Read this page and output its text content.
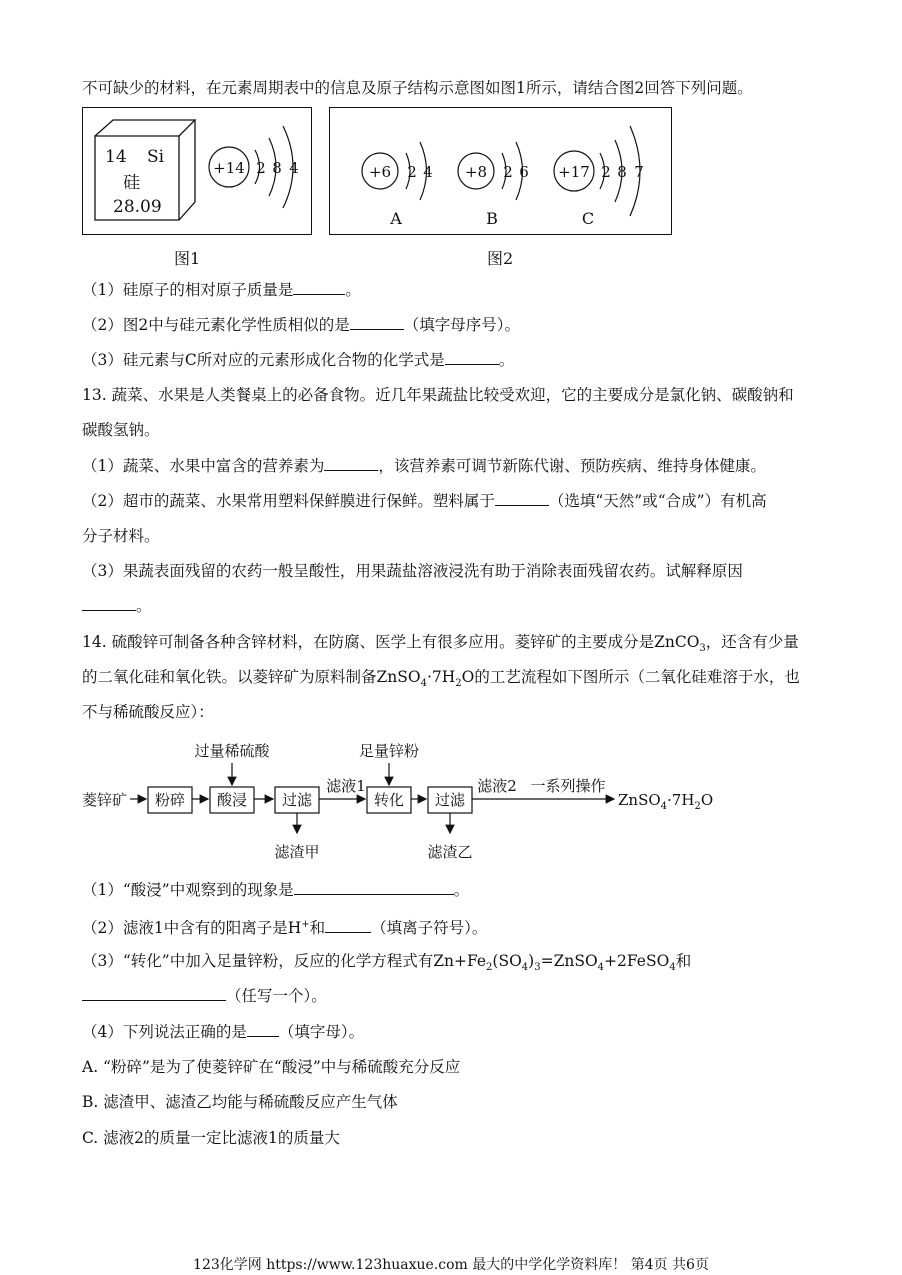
不可缺少的材料，在元素周期表中的信息及原子结构示意图如图1所示，请结合图2回答下列问题。
14 Si
硅
28.09
+14 2 8 4
图1
+6 2 4
A
+8 2 6
B
+17 2 8 7
C
图2
（1）硅原子的相对原子质量是	。
（2）图2中与硅元素化学性质相似的是	（填字母序号）。
（3）硅元素与C所对应的元素形成化合物的化学式是	。
13. 蔬菜、水果是人类餐桌上的必备食物。近几年果蔬盐比较受欢迎，它的主要成分是氯化钠、碳酸钠和
碳酸氢钠。
（1）蔬菜、水果中富含的营养素为	，该营养素可调节新陈代谢、预防疾病、维持身体健康。
（2）超市的蔬菜、水果常用塑料保鲜膜进行保鲜。塑料属于	（选填“天然”或“合成”）有机高
分子材料。
（3）果蔬表面残留的农药一般呈酸性，用果蔬盐溶液浸洗有助于消除表面残留农药。试解释原因
。
14. 硫酸锌可制备各种含锌材料，在防腐、医学上有很多应用。菱锌矿的主要成分是ZnCO$_3$，还含有少量
的二氧化硅和氧化铁。以菱锌矿为原料制备$ZnSO_4\cdot 7H_2O$的工艺流程如下图所示（二氧化硅难溶于水，也
不与稀硫酸反应）：
菱锌矿 粉碎 酸浸
过量稀硫酸
过滤
滤渣甲
滤液1
转化
足量锌粉
过滤
滤渣乙
滤液2 一系列操作
$ZnSO_4\cdot 7H_2O$
（1）“酸浸”中观察到的现象是	。
（2）滤液1中含有的阳离子是H+和	（填离子符号）。
（3）“转化”中加入足量锌粉，反应的化学方程式有$Zn+Fe_2(SO_4)_3=ZnSO_4+2FeSO_4$和
（任写一个）。
（4）下列说法正确的是 （填字母）。
A. “粉碎”是为了使菱锌矿在“酸浸”中与稀硫酸充分反应
B. 滤渣甲、滤渣乙均能与稀硫酸反应产生气体
C. 滤液2的质量一定比滤液1的质量大
123化学网 https://www.123huaxue.com 最大的中学化学资料库！ 第4页 共6页
